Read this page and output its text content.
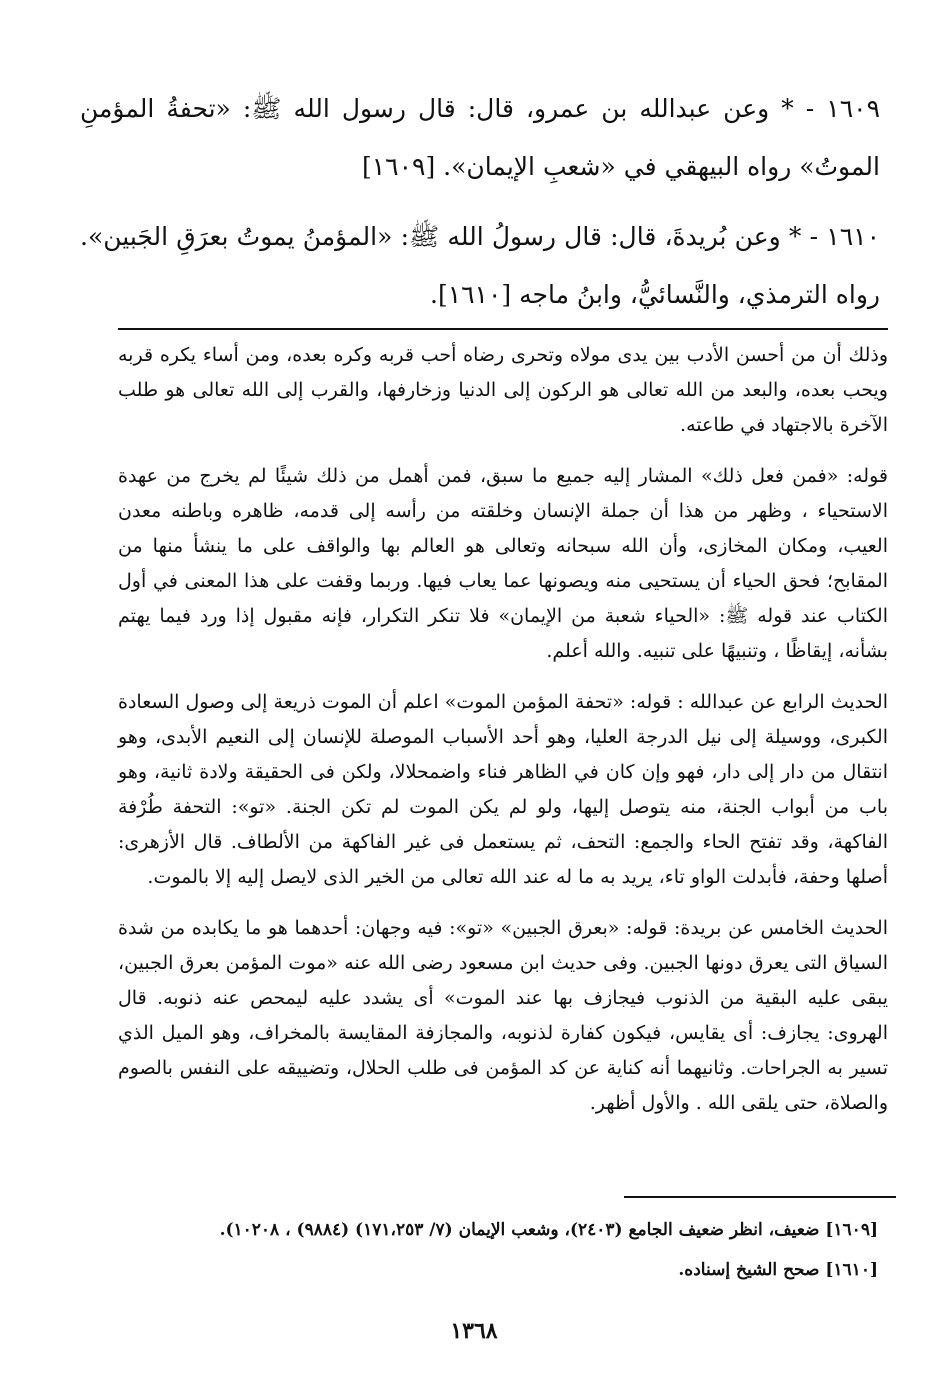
١٦٠٩ - * وعن عبدالله بن عمرو، قال: قال رسول الله ﷺ: «تحفةُ المؤمنِ الموتُ» رواه البيهقي في «شعبِ الإيمان». [١٦٠٩]

١٦١٠ - * وعن بُريدةَ، قال: قال رسولُ الله ﷺ: «المؤمنُ يموتُ بعرَقِ الجَبين». رواه الترمذي، والنَّسائيُّ، وابنُ ماجه [١٦١٠].

وذلك أن من أحسن الأدب بين يدى مولاه وتحرى رضاه أحب قربه وكره بعده، ومن أساء يكره قربه ويحب بعده، والبعد من الله تعالى هو الركون إلى الدنيا وزخارفها، والقرب إلى الله تعالى هو طلب الآخرة بالاجتهاد في طاعته.

قوله: «فمن فعل ذلك» المشار إليه جميع ما سبق، فمن أهمل من ذلك شيئًا لم يخرج من عهدة الاستحياء ، وظهر من هذا أن جملة الإنسان وخلقته من رأسه إلى قدمه، ظاهره وباطنه معدن العيب، ومكان المخازى، وأن الله سبحانه وتعالى هو العالم بها والواقف على ما ينشأ منها من المقابح؛ فحق الحياء أن يستحيى منه ويصونها عما يعاب فيها. وربما وقفت على هذا المعنى في أول الكتاب عند قوله ﷺ: «الحياء شعبة من الإيمان» فلا تنكر التكرار، فإنه مقبول إذا ورد فيما يهتم بشأنه، إيقاظًا ، وتنبيهًا على تنبيه. والله أعلم.

الحديث الرابع عن عبدالله : قوله: «تحفة المؤمن الموت» اعلم أن الموت ذريعة إلى وصول السعادة الكبرى، ووسيلة إلى نيل الدرجة العليا، وهو أحد الأسباب الموصلة للإنسان إلى النعيم الأبدى، وهو انتقال من دار إلى دار، فهو وإن كان في الظاهر فناء واضمحلالا، ولكن فى الحقيقة ولادة ثانية، وهو باب من أبواب الجنة، منه يتوصل إليها، ولو لم يكن الموت لم تكن الجنة. «تو»: التحفة طُرْفة الفاكهة، وقد تفتح الحاء والجمع: التحف، ثم يستعمل فى غير الفاكهة من الألطاف. قال الأزهرى: أصلها وحفة، فأبدلت الواو تاء، يريد به ما له عند الله تعالى من الخير الذى لايصل إليه إلا بالموت.

الحديث الخامس عن بريدة: قوله: «بعرق الجبين» «تو»: فيه وجهان: أحدهما هو ما يكابده من شدة السياق التى يعرق دونها الجبين. وفى حديث ابن مسعود رضى الله عنه «موت المؤمن بعرق الجبين، يبقى عليه البقية من الذنوب فيجازف بها عند الموت» أى يشدد عليه ليمحص عنه ذنوبه. قال الهروى: يجازف: أى يقايس، فيكون كفارة لذنوبه، والمجازفة المقايسة بالمخراف، وهو الميل الذي تسير به الجراحات. وثانيهما أنه كناية عن كد المؤمن فى طلب الحلال، وتضييقه على النفس بالصوم والصلاة، حتى يلقى الله . والأول أظهر.

[١٦٠٩] ضعيف، انظر ضعيف الجامع (٢٤٠٣)، وشعب الإيمان (٧/ ١٧١،٢٥٣) (٩٨٨٤) ، ١٠٢٠٨).

[١٦١٠] صحح الشيخ إسناده.

١٣٦٨
